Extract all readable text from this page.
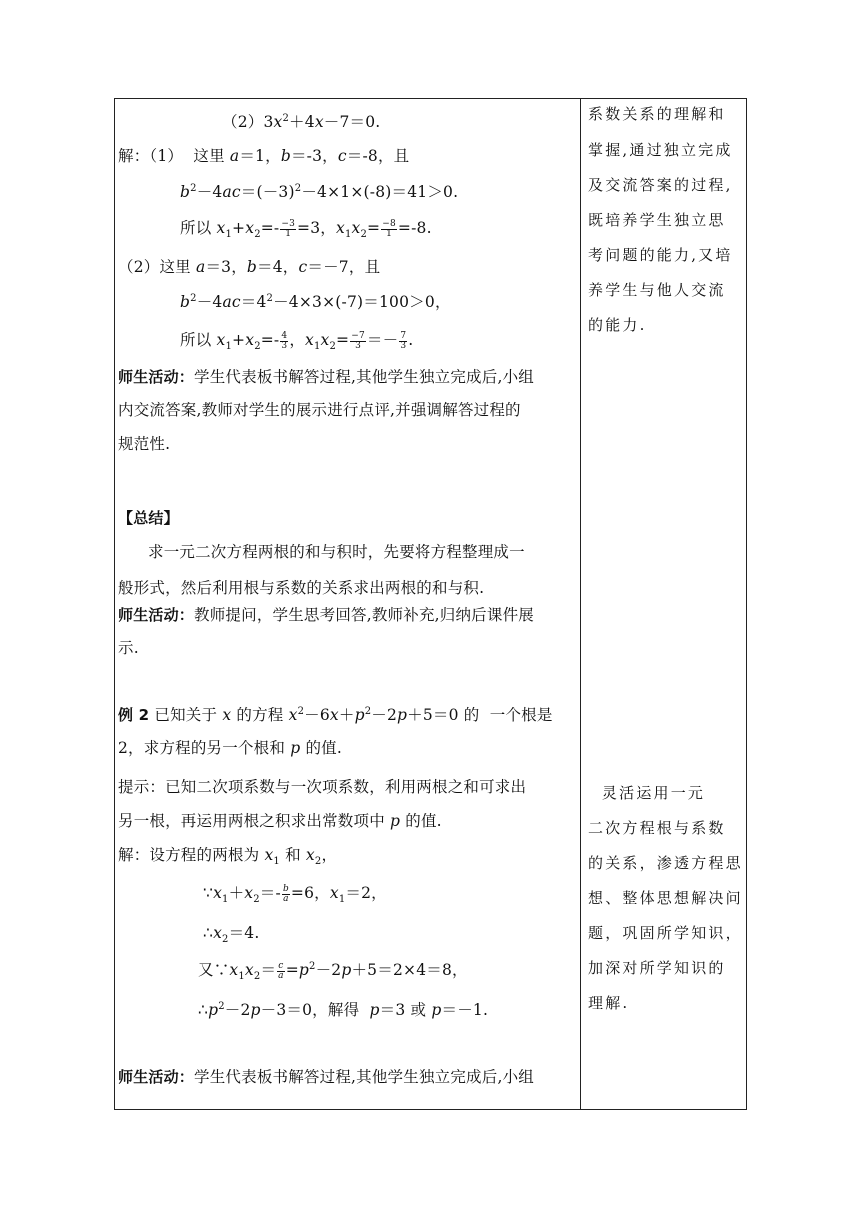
$(2)3x^2+4x-7=0$.
解：（1）  这里 a＝1，b＝-3，c＝-8，且
$b^2-4ac=(-3)^2-4\times 1\times(-8)=41>0$.
所以 $x_1+x_2=- \frac{-3}{1} =3$，$x_1x_2= \frac{-8}{1} =-8$.
（2）这里 a＝3，b＝4，c＝－7，且
$b^2-4ac=4^2-4\times 3\times(-7)=100>0$，
所以 $x_1+x_2=- \frac{4}{3}$ ，$x_1x_2= \frac{-7}{3} =- \frac{7}{3}$ .
师生活动：学生代表板书解答过程,其他学生独立完成后,小组
内交流答案,教师对学生的展示进行点评,并强调解答过程的
规范性.
【总结】
求一元二次方程两根的和与积时，先要将方程整理成一
般形式，然后利用根与系数的关系求出两根的和与积.
师生活动：教师提问，学生思考回答,教师补充,归纳后课件展
示.
例 2 已知关于 x 的方程 $x^2-6x+p^2-2p+5=0$ 的  一个根是
2，求方程的另一个根和 p 的值.
提示：已知二次项系数与一次项系数，利用两根之和可求出
另一根，再运用两根之积求出常数项中 p 的值.
解：设方程的两根为 $x_1$ 和 $x_2$，
$\because x_1+x_2=- \frac{b}{a} =6$，$x_1=2$，
$\therefore x_2=4$.
又$\because x_1x_2= \frac{c}{a} =p^2-2p+5=2\times 4=8$，
$\therefore p^2-2p-3=0$，解得  p＝3 或 p＝－1.
师生活动：学生代表板书解答过程,其他学生独立完成后,小组
系数关系的理解和
掌握,通过独立完成
及交流答案的过程,
既培养学生独立思
考问题的能力,又培
养学生与他人交流
的能力.
灵活运用一元
二次方程根与系数
的关系，渗透方程思
想、整体思想解决问
题，巩固所学知识，
加深对所学知识的
理解.
